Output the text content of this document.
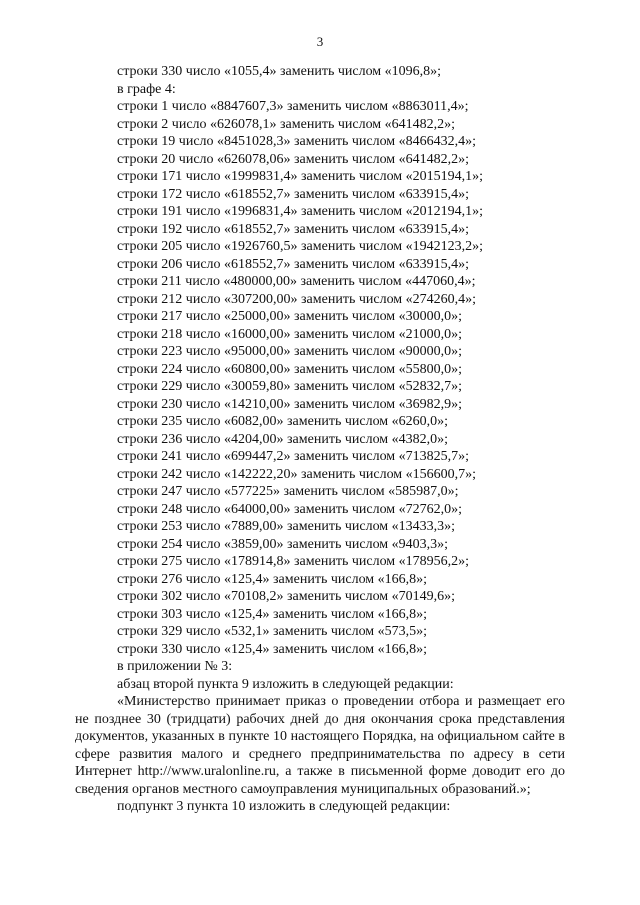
3
строки 330 число «1055,4» заменить числом «1096,8»;
в графе 4:
строки 1 число «8847607,3» заменить числом «8863011,4»;
строки 2 число «626078,1» заменить числом «641482,2»;
строки 19 число «8451028,3» заменить числом «8466432,4»;
строки 20 число «626078,06» заменить числом «641482,2»;
строки 171 число «1999831,4» заменить числом «2015194,1»;
строки 172 число «618552,7» заменить числом «633915,4»;
строки 191 число «1996831,4» заменить числом «2012194,1»;
строки 192 число «618552,7» заменить числом «633915,4»;
строки 205 число «1926760,5» заменить числом «1942123,2»;
строки 206 число «618552,7» заменить числом «633915,4»;
строки 211 число «480000,00» заменить числом «447060,4»;
строки 212 число «307200,00» заменить числом «274260,4»;
строки 217 число «25000,00» заменить числом «30000,0»;
строки 218 число «16000,00» заменить числом «21000,0»;
строки 223 число «95000,00» заменить числом «90000,0»;
строки 224 число «60800,00» заменить числом «55800,0»;
строки 229 число «30059,80» заменить числом «52832,7»;
строки 230 число «14210,00» заменить числом «36982,9»;
строки 235 число «6082,00» заменить числом «6260,0»;
строки 236 число «4204,00» заменить числом «4382,0»;
строки 241 число «699447,2» заменить числом «713825,7»;
строки 242 число «142222,20» заменить числом «156600,7»;
строки 247 число «577225» заменить числом «585987,0»;
строки 248 число «64000,00» заменить числом «72762,0»;
строки 253 число «7889,00» заменить числом «13433,3»;
строки 254 число «3859,00» заменить числом «9403,3»;
строки 275 число «178914,8» заменить числом «178956,2»;
строки 276 число «125,4» заменить числом «166,8»;
строки 302 число «70108,2» заменить числом «70149,6»;
строки 303 число «125,4» заменить числом «166,8»;
строки 329 число «532,1» заменить числом «573,5»;
строки 330 число «125,4» заменить числом «166,8»;
в приложении № 3:
абзац второй пункта 9 изложить в следующей редакции:

«Министерство принимает приказ о проведении отбора и размещает его не позднее 30 (тридцати) рабочих дней до дня окончания срока представления документов, указанных в пункте 10 настоящего Порядка, на официальном сайте в сфере развития малого и среднего предпринимательства по адресу в сети Интернет http://www.uralonline.ru, а также в письменной форме доводит его до сведения органов местного самоуправления муниципальных образований.»;

подпункт 3 пункта 10 изложить в следующей редакции:
